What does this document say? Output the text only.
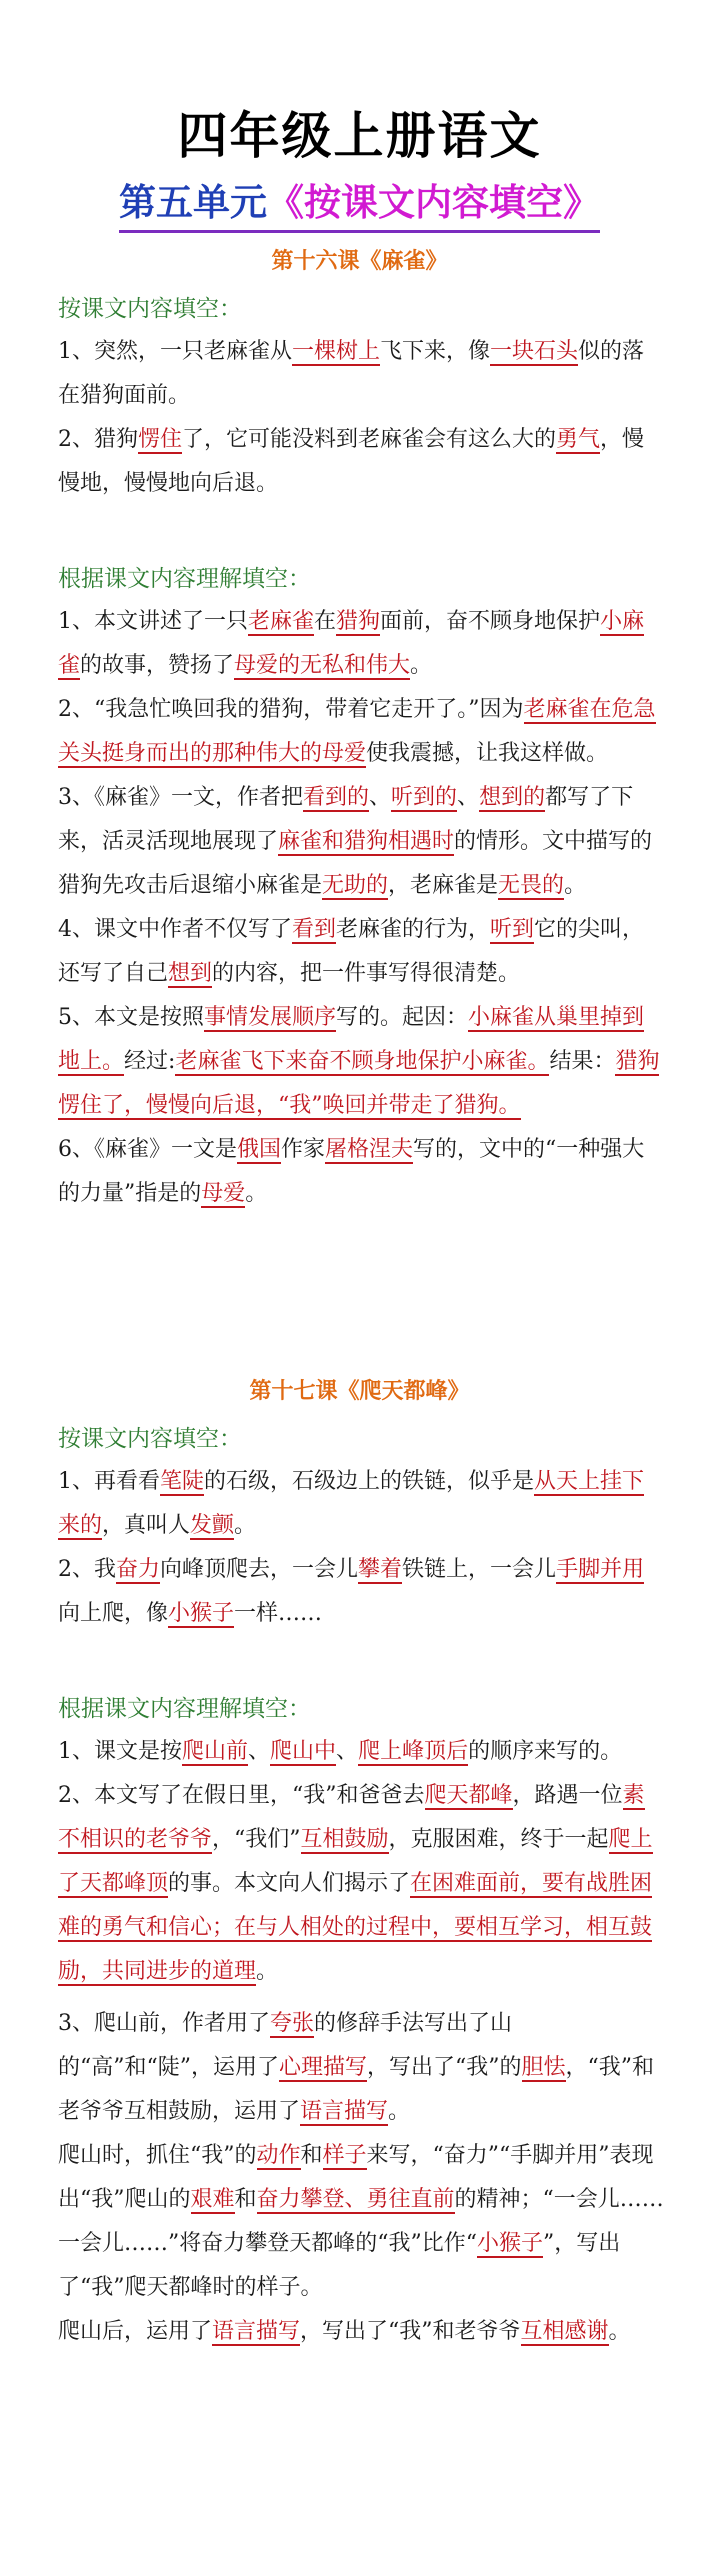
四年级上册语文
第五单元《按课文内容填空》
第十六课《麻雀》
按课文内容填空：
1、突然，一只老麻雀从一棵树上飞下来，像一块石头似的落在猎狗面前。
2、猎狗愣住了，它可能没料到老麻雀会有这么大的勇气，慢慢地，慢慢地向后退。
根据课文内容理解填空：
1、本文讲述了一只老麻雀在猎狗面前，奋不顾身地保护小麻雀的故事，赞扬了母爱的无私和伟大。
2、“我急忙唤回我的猎狗，带着它走开了。”因为老麻雀在危急关头挺身而出的那种伟大的母爱使我震撼，让我这样做。
3、《麻雀》一文，作者把看到的、听到的、想到的都写了下来，活灵活现地展现了麻雀和猎狗相遇时的情形。文中描写的猎狗先攻击后退缩小麻雀是无助的，老麻雀是无畏的。
4、课文中作者不仅写了看到老麻雀的行为，听到它的尖叫，还写了自己想到的内容，把一件事写得很清楚。
5、本文是按照事情发展顺序写的。起因：小麻雀从巢里掉到地上。经过:老麻雀飞下来奋不顾身地保护小麻雀。结果：猎狗愣住了，慢慢向后退，“我”唤回并带走了猎狗。
6、《麻雀》一文是俄国作家屠格涅夫写的，文中的“一种强大的力量”指是的母爱。
第十七课《爬天都峰》
按课文内容填空：
1、再看看笔陡的石级，石级边上的铁链，似乎是从天上挂下来的，真叫人发颤。
2、我奋力向峰顶爬去，一会儿攀着铁链上，一会儿手脚并用向上爬，像小猴子一样……
根据课文内容理解填空：
1、课文是按爬山前、爬山中、爬上峰顶后的顺序来写的。
2、本文写了在假日里，“我”和爸爸去爬天都峰，路遇一位素不相识的老爷爷，“我们”互相鼓励，克服困难，终于一起爬上了天都峰顶的事。本文向人们揭示了在困难面前，要有战胜困难的勇气和信心；在与人相处的过程中，要相互学习，相互鼓励，共同进步的道理。
3、爬山前，作者用了夸张的修辞手法写出了山的“高”和“陡”，运用了心理描写，写出了“我”的胆怯，“我”和老爷爷互相鼓励，运用了语言描写。
爬山时，抓住“我”的动作和样子来写，“奋力”“手脚并用”表现出“我”爬山的艰难和奋力攀登、勇往直前的精神；“一会儿……一会儿……”将奋力攀登天都峰的“我”比作“小猴子”，写出了“我”爬天都峰时的样子。
爬山后，运用了语言描写，写出了“我”和老爷爷互相感谢。
